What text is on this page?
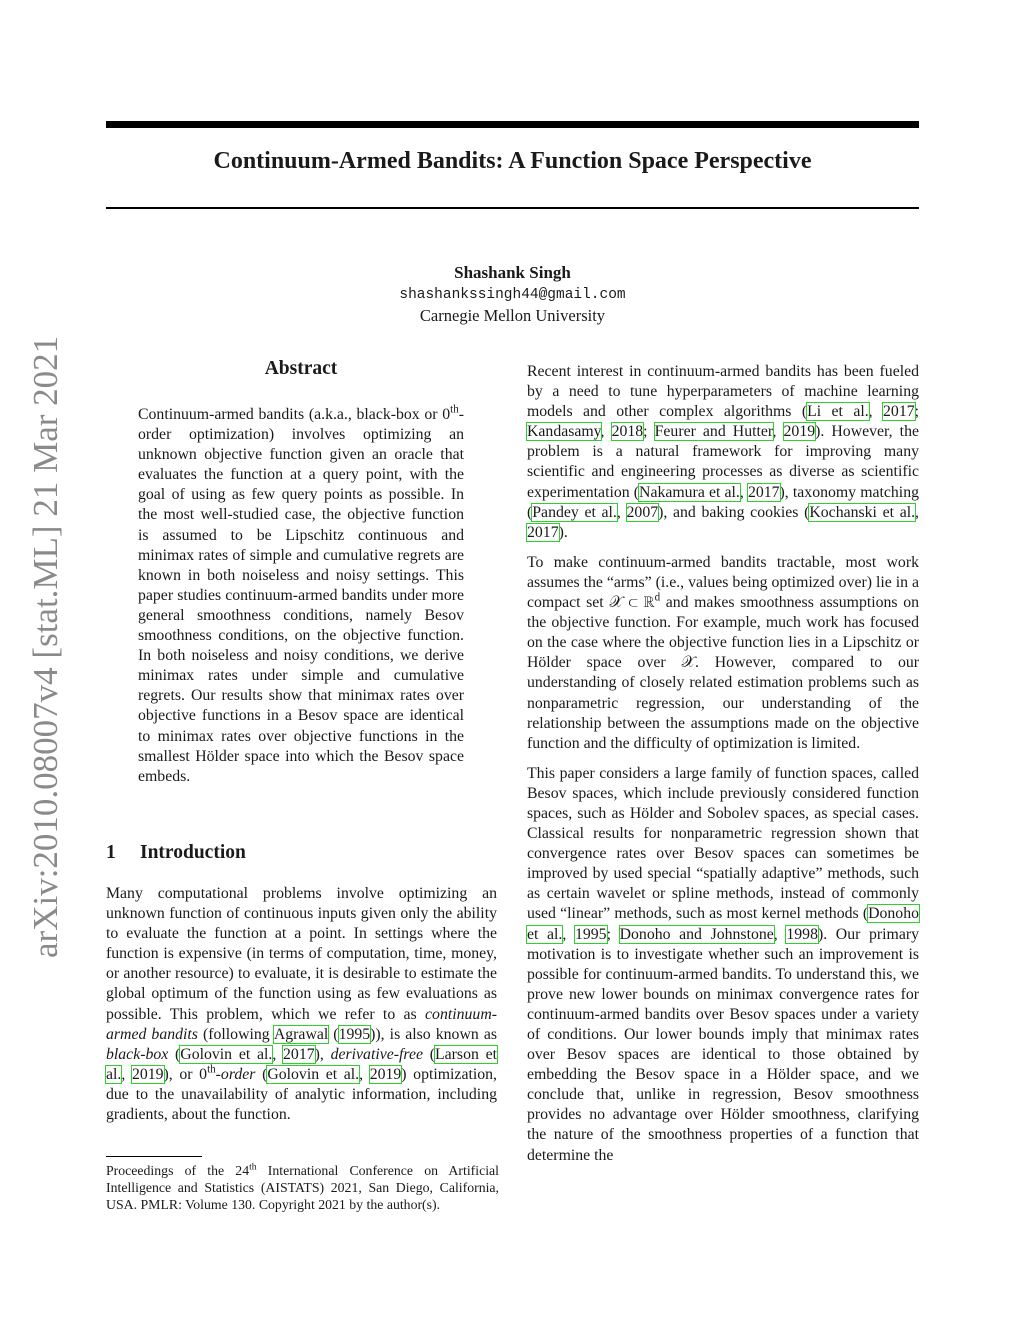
Continuum-Armed Bandits: A Function Space Perspective
Shashank Singh
shashankssingh44@gmail.com
Carnegie Mellon University
arXiv:2010.08007v4 [stat.ML] 21 Mar 2021	Abstract
Continuum-armed bandits (a.k.a., black-box or 0th-order optimization) involves optimizing an unknown objective function given an oracle that evaluates the function at a query point, with the goal of using as few query points as possible. In the most well-studied case, the objective function is assumed to be Lipschitz continuous and minimax rates of simple and cumulative regrets are known in both noiseless and noisy settings. This paper studies continuum-armed bandits under more general smoothness conditions, namely Besov smoothness conditions, on the objective function. In both noiseless and noisy conditions, we derive minimax rates under simple and cumulative regrets. Our results show that minimax rates over objective functions in a Besov space are identical to minimax rates over objective functions in the smallest Hölder space into which the Besov space embeds.
1 Introduction
Many computational problems involve optimizing an unknown function of continuous inputs given only the ability to evaluate the function at a point. In settings where the function is expensive (in terms of computation, time, money, or another resource) to evaluate, it is desirable to estimate the global optimum of the function using as few evaluations as possible. This problem, which we refer to as continuum-armed bandits (following Agrawal (1995)), is also known as black-box (Golovin et al., 2017), derivative-free (Larson et al., 2019), or 0th-order (Golovin et al., 2019) optimization, due to the unavailability of analytic information, including gradients, about the function.
Proceedings of the 24th International Conference on Artificial Intelligence and Statistics (AISTATS) 2021, San Diego, California, USA. PMLR: Volume 130. Copyright 2021 by the author(s).

Recent interest in continuum-armed bandits has been fueled by a need to tune hyperparameters of machine learning models and other complex algorithms (Li et al., 2017; Kandasamy, 2018; Feurer and Hutter, 2019). However, the problem is a natural framework for improving many scientific and engineering processes as diverse as scientific experimentation (Nakamura et al., 2017), taxonomy matching (Pandey et al., 2007), and baking cookies (Kochanski et al., 2017).

To make continuum-armed bandits tractable, most work assumes the “arms” (i.e., values being optimized over) lie in a compact set 𝒳 ⊂ ℝ$^d$ and makes smoothness assumptions on the objective function. For example, much work has focused on the case where the objective function lies in a Lipschitz or Hölder space over 𝒳. However, compared to our understanding of closely related estimation problems such as nonparametric regression, our understanding of the relationship between the assumptions made on the objective function and the difficulty of optimization is limited.

This paper considers a large family of function spaces, called Besov spaces, which include previously considered function spaces, such as Hölder and Sobolev spaces, as special cases. Classical results for nonparametric regression shown that convergence rates over Besov spaces can sometimes be improved by used special “spatially adaptive” methods, such as certain wavelet or spline methods, instead of commonly used “linear” methods, such as most kernel methods (Donoho et al., 1995; Donoho and Johnstone, 1998). Our primary motivation is to investigate whether such an improvement is possible for continuum-armed bandits. To understand this, we prove new lower bounds on minimax convergence rates for continuum-armed bandits over Besov spaces under a variety of conditions. Our lower bounds imply that minimax rates over Besov spaces are identical to those obtained by embedding the Besov space in a Hölder space, and we conclude that, unlike in regression, Besov smoothness provides no advantage over Hölder smoothness, clarifying the nature of the smoothness properties of a function that determine the
